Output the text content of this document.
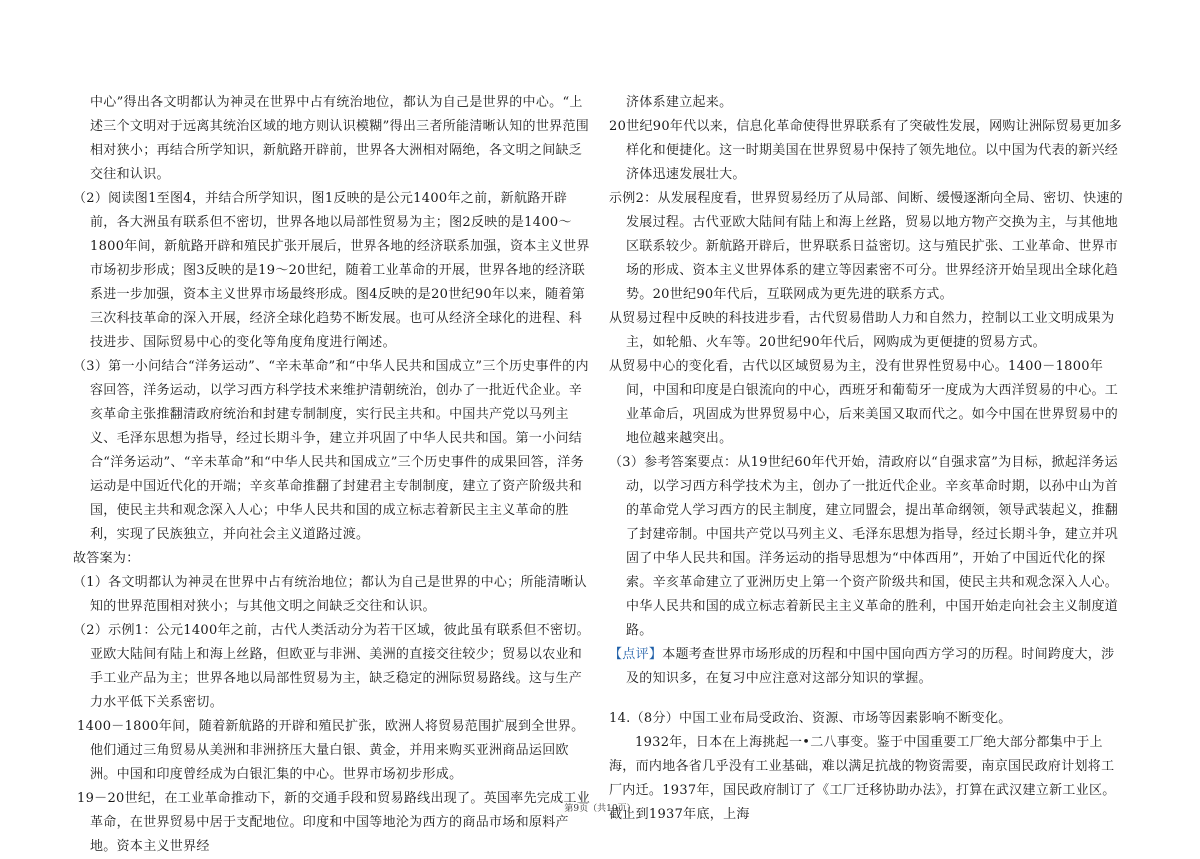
中心”得出各文明都认为神灵在世界中占有统治地位，都认为自己是世界的中心。“上述三个文明对于远离其统治区域的地方则认识模糊”得出三者所能清晰认知的世界范围相对狭小；再结合所学知识，新航路开辟前，世界各大洲相对隔绝，各文明之间缺乏交往和认识。

（2）阅读图1至图4，并结合所学知识，图1反映的是公元1400年之前，新航路开辟前，各大洲虽有联系但不密切，世界各地以局部性贸易为主；图2反映的是1400～1800年间，新航路开辟和殖民扩张开展后，世界各地的经济联系加强，资本主义世界市场初步形成；图3反映的是19～20世纪，随着工业革命的开展，世界各地的经济联系进一步加强，资本主义世界市场最终形成。图4反映的是20世纪90年以来，随着第三次科技革命的深入开展，经济全球化趋势不断发展。也可从经济全球化的进程、科技进步、国际贸易中心的变化等角度角度进行阐述。

（3）第一小问结合“洋务运动”、“辛未革命”和“中华人民共和国成立”三个历史事件的内容回答，洋务运动，以学习西方科学技术来维护清朝统治，创办了一批近代企业。辛亥革命主张推翻清政府统治和封建专制制度，实行民主共和。中国共产党以马列主义、毛泽东思想为指导，经过长期斗争，建立并巩固了中华人民共和国。第一小问结合“洋务运动”、“辛未革命”和“中华人民共和国成立”三个历史事件的成果回答，洋务运动是中国近代化的开端；辛亥革命推翻了封建君主专制制度，建立了资产阶级共和国，使民主共和观念深入人心；中华人民共和国的成立标志着新民主主义革命的胜利，实现了民族独立，并向社会主义道路过渡。

故答案为：

（1）各文明都认为神灵在世界中占有统治地位；都认为自己是世界的中心；所能清晰认知的世界范围相对狭小；与其他文明之间缺乏交往和认识。

（2）示例1：公元1400年之前，古代人类活动分为若干区域，彼此虽有联系但不密切。亚欧大陆间有陆上和海上丝路，但欧亚与非洲、美洲的直接交往较少；贸易以农业和手工业产品为主；世界各地以局部性贸易为主，缺乏稳定的洲际贸易路线。这与生产力水平低下关系密切。

1400－1800年间，随着新航路的开辟和殖民扩张，欧洲人将贸易范围扩展到全世界。他们通过三角贸易从美洲和非洲挤压大量白银、黄金，并用来购买亚洲商品运回欧洲。中国和印度曾经成为白银汇集的中心。世界市场初步形成。

19－20世纪，在工业革命推动下，新的交通手段和贸易路线出现了。英国率先完成工业革命，在世界贸易中居于支配地位。印度和中国等地沦为西方的商品市场和原料产地。资本主义世界经

济体系建立起来。

20世纪90年代以来，信息化革命使得世界联系有了突破性发展，网购让洲际贸易更加多样化和便捷化。这一时期美国在世界贸易中保持了领先地位。以中国为代表的新兴经济体迅速发展壮大。

示例2：从发展程度看，世界贸易经历了从局部、间断、缓慢逐渐向全局、密切、快速的发展过程。古代亚欧大陆间有陆上和海上丝路，贸易以地方物产交换为主，与其他地区联系较少。新航路开辟后，世界联系日益密切。这与殖民扩张、工业革命、世界市场的形成、资本主义世界体系的建立等因素密不可分。世界经济开始呈现出全球化趋势。20世纪90年代后，互联网成为更先进的联系方式。

从贸易过程中反映的科技进步看，古代贸易借助人力和自然力，控制以工业文明成果为主，如轮船、火车等。20世纪90年代后，网购成为更便捷的贸易方式。

从贸易中心的变化看，古代以区域贸易为主，没有世界性贸易中心。1400－1800年间，中国和印度是白银流向的中心，西班牙和葡萄牙一度成为大西洋贸易的中心。工业革命后，巩固成为世界贸易中心，后来美国又取而代之。如今中国在世界贸易中的地位越来越突出。

（3）参考答案要点：从19世纪60年代开始，清政府以“自强求富”为目标，掀起洋务运动，以学习西方科学技术为主，创办了一批近代企业。辛亥革命时期，以孙中山为首的革命党人学习西方的民主制度，建立同盟会，提出革命纲领，领导武装起义，推翻了封建帝制。中国共产党以马列主义、毛泽东思想为指导，经过长期斗争，建立并巩固了中华人民共和国。洋务运动的指导思想为“中体西用”，开始了中国近代化的探索。辛亥革命建立了亚洲历史上第一个资产阶级共和国，使民主共和观念深入人心。中华人民共和国的成立标志着新民主主义革命的胜利，中国开始走向社会主义制度道路。

【点评】本题考查世界市场形成的历程和中国中国向西方学习的历程。时间跨度大，涉及的知识多，在复习中应注意对这部分知识的掌握。

14.（8分）中国工业布局受政治、资源、市场等因素影响不断变化。

1932年，日本在上海挑起一•二八事变。鉴于中国重要工厂绝大部分都集中于上海，而内地各省几乎没有工业基础，难以满足抗战的物资需要，南京国民政府计划将工厂内迁。1937年，国民政府制订了《工厂迁移协助办法》，打算在武汉建立新工业区。截止到1937年底，上海

第9页（共10页）
